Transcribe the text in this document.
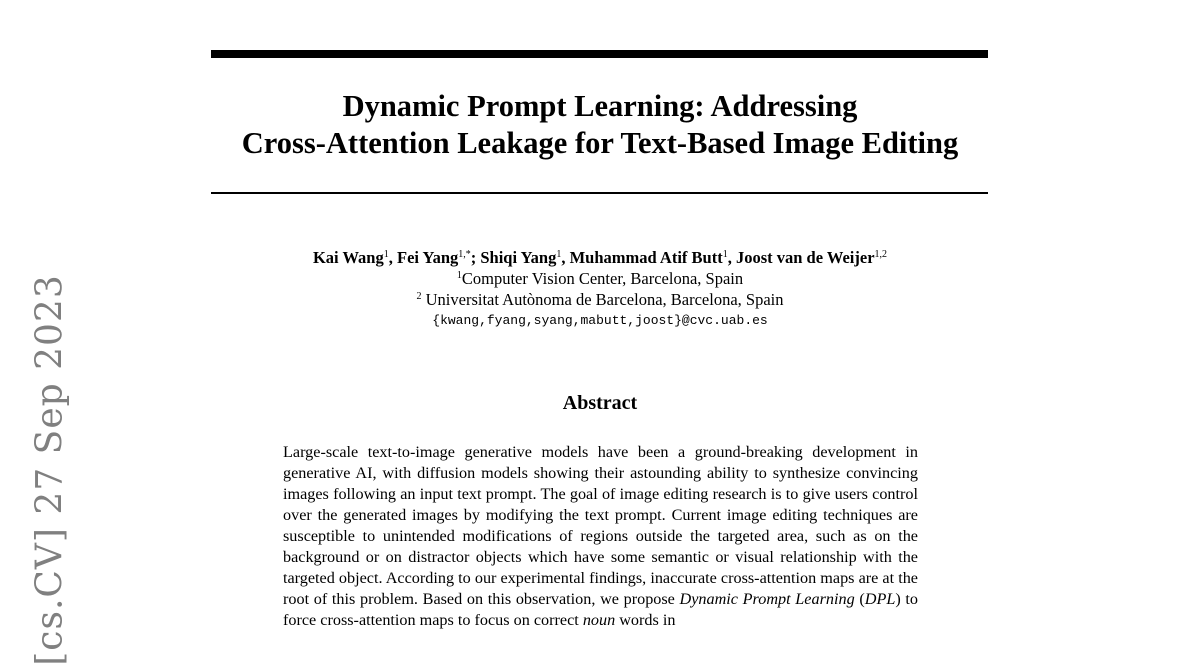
Dynamic Prompt Learning: Addressing
Cross-Attention Leakage for Text-Based Image Editing
[cs.CV] 27 Sep 2023
Kai Wang$^1$, Fei Yang$^{1,*}$; Shiqi Yang$^1$, Muhammad Atif Butt$^1$, Joost van de Weijer$^{1,2}$
$^1$Computer Vision Center, Barcelona, Spain
$^2$ Universitat Autònoma de Barcelona, Barcelona, Spain
{kwang,fyang,syang,mabutt,joost}@cvc.uab.es
Abstract
Large-scale text-to-image generative models have been a ground-breaking development in generative AI, with diffusion models showing their astounding ability to synthesize convincing images following an input text prompt. The goal of image editing research is to give users control over the generated images by modifying the text prompt. Current image editing techniques are susceptible to unintended modifications of regions outside the targeted area, such as on the background or on distractor objects which have some semantic or visual relationship with the targeted object. According to our experimental findings, inaccurate cross-attention maps are at the root of this problem. Based on this observation, we propose Dynamic Prompt Learning (DPL) to force cross-attention maps to focus on correct noun words in
